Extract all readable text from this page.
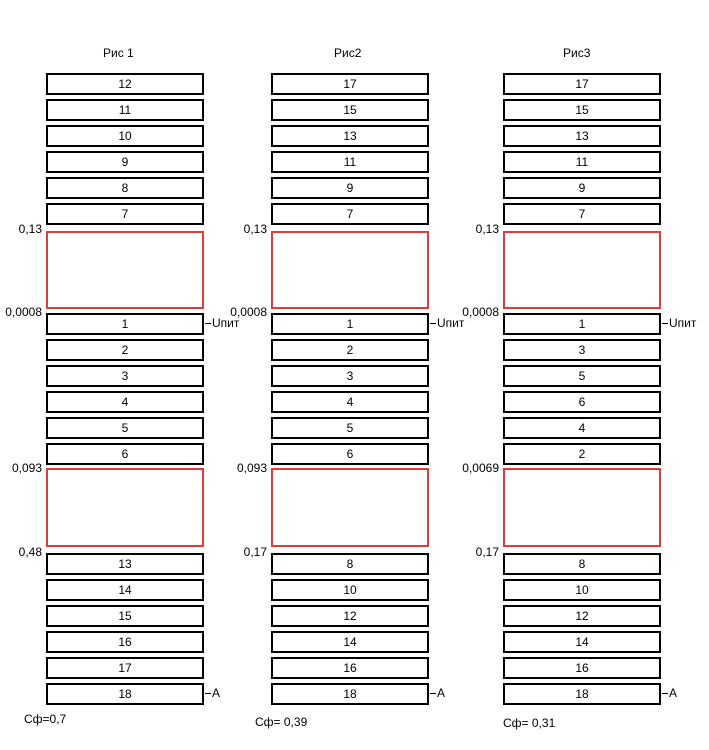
Рис 1
12
11
10
9
8
7
1
2
3
4
5
6
13
14
15
16
17
18
0,13
0,0008
0,093
0,48
Cф=0,7
Uпит
A
Рис2
17
15
13
11
9
7
1
2
3
4
5
6
8
10
12
14
16
18
0,13
0,0008
0,093
0,17
Cф= 0,39
Uпит
A
Рис3
17
15
13
11
9
7
1
3
5
6
4
2
8
10
12
14
16
18
0,13
0,0008
0,0069
0,17
Cф= 0,31
Uпит
A
